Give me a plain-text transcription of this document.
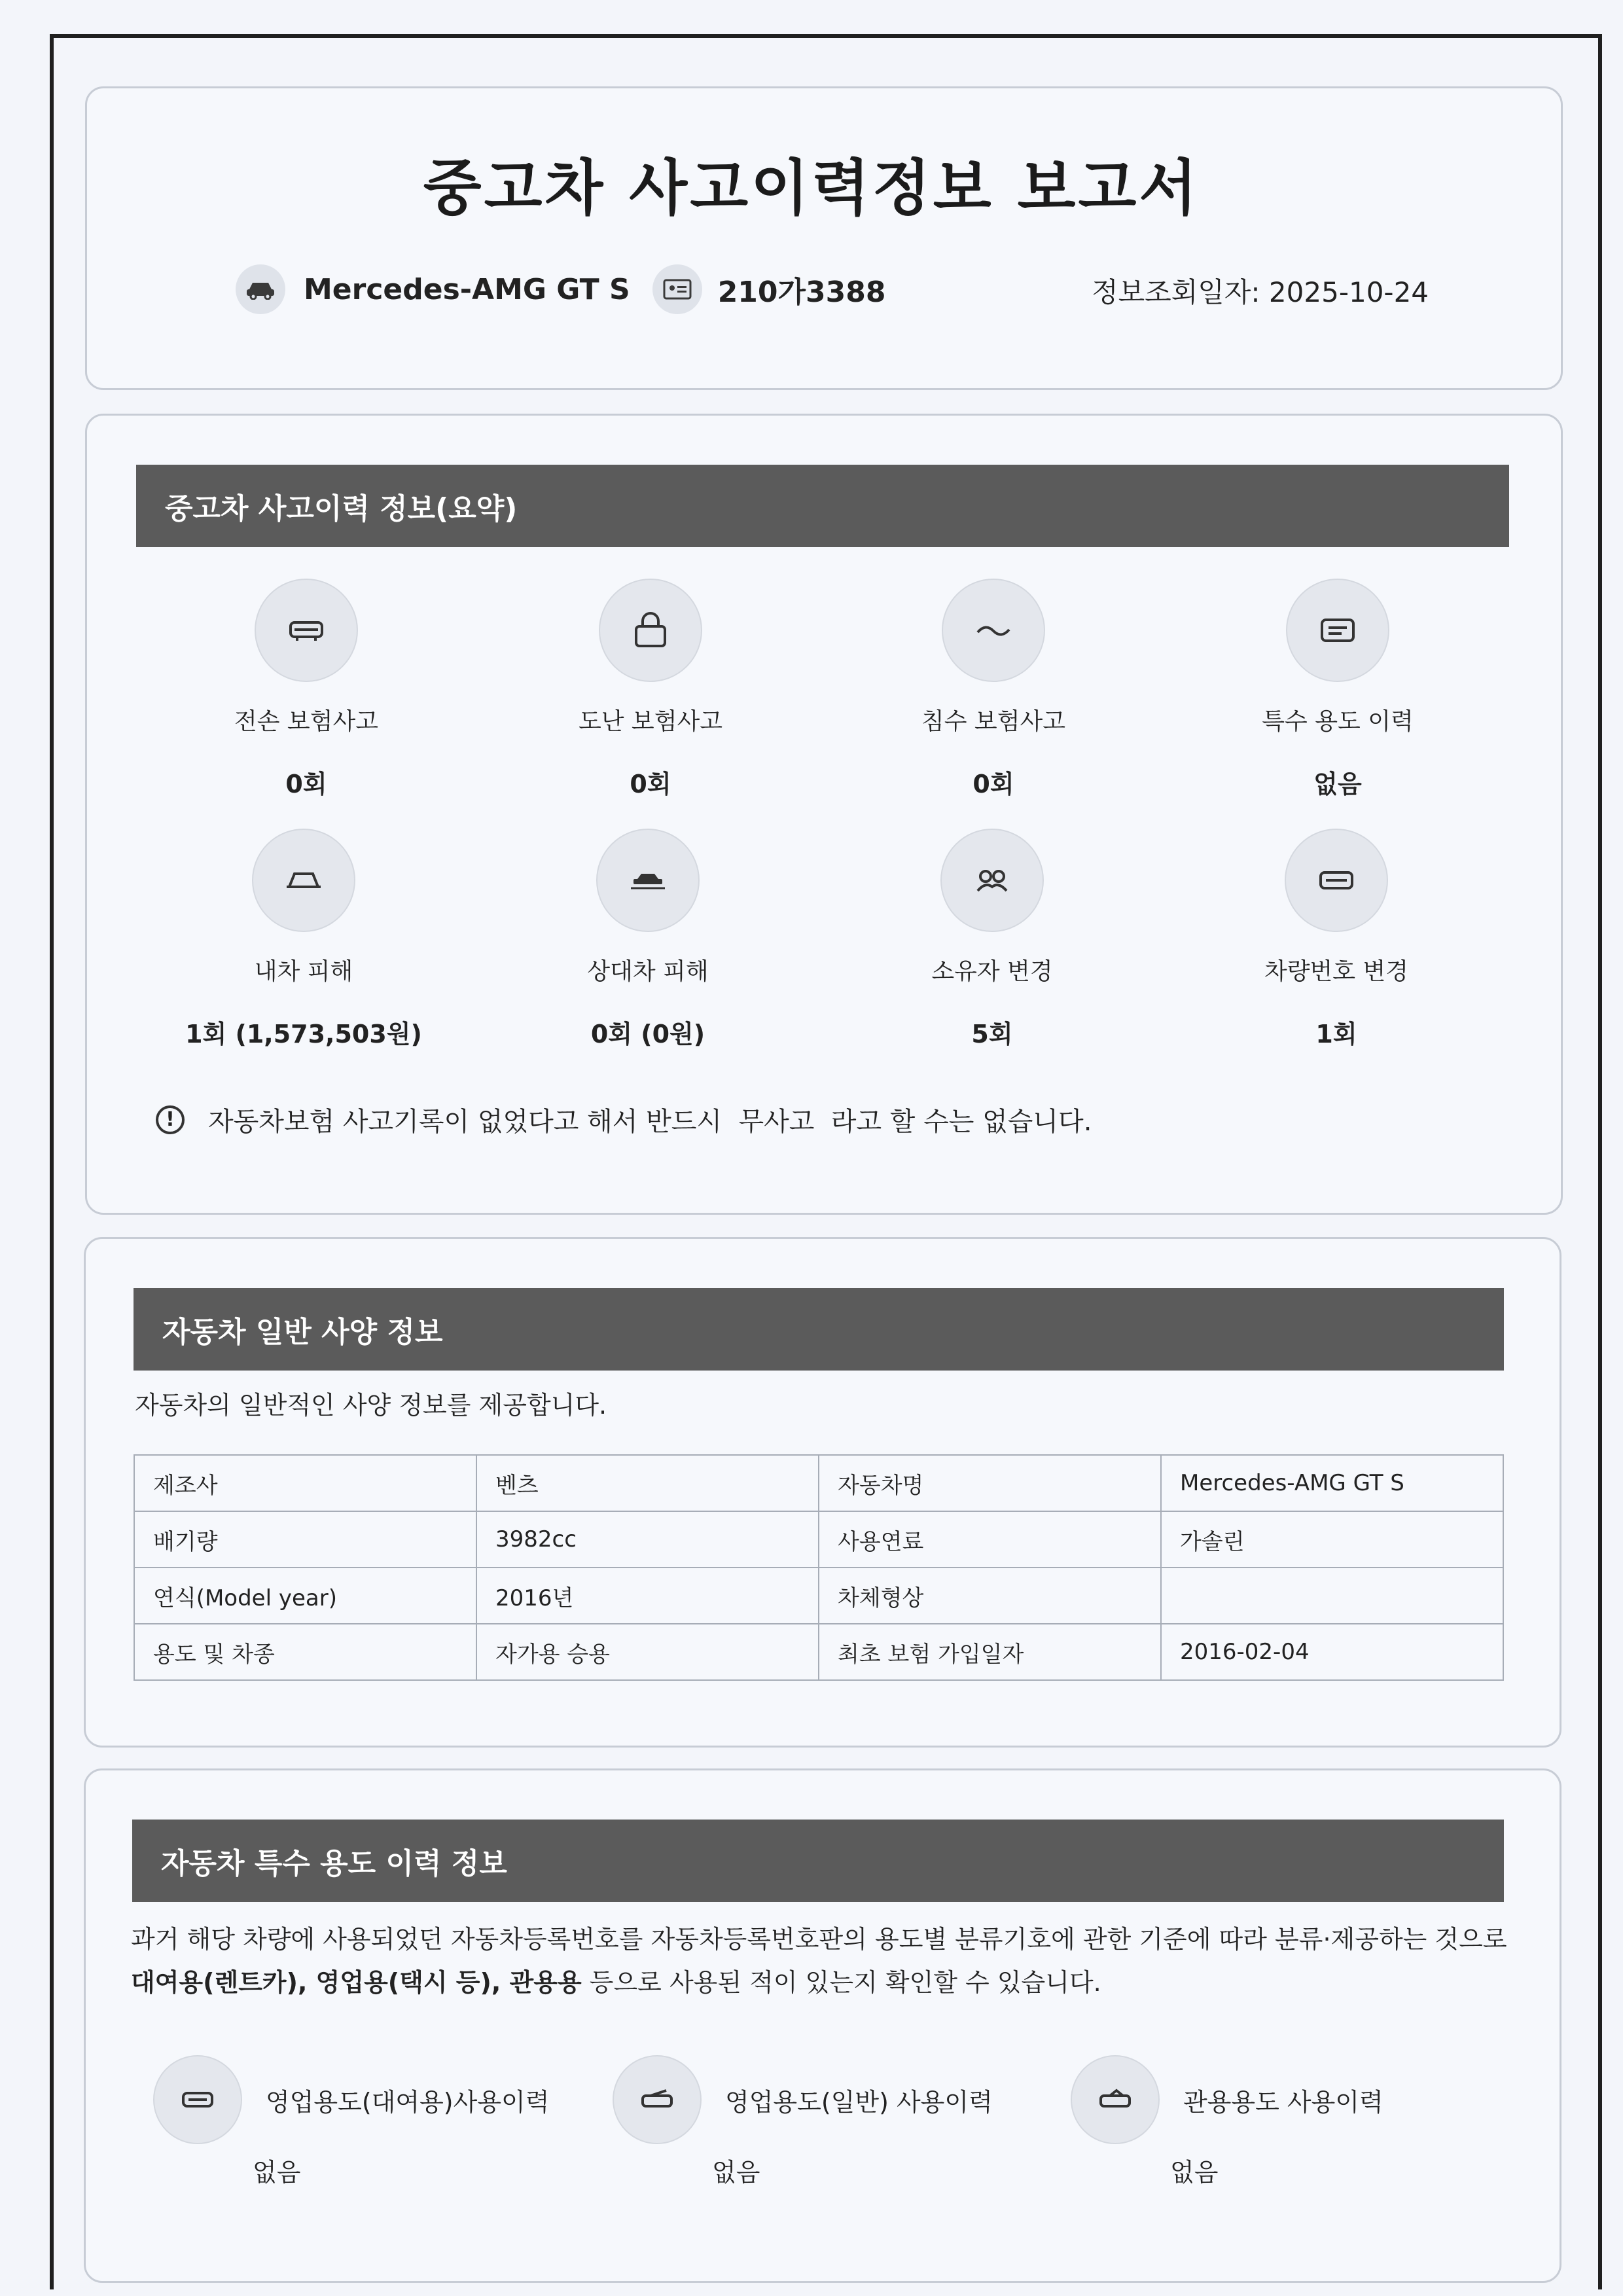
중고차 사고이력정보 보고서
Mercedes-AMG GT S	210가3388	정보조회일자: 2025-10-24
중고차 사고이력 정보(요약)
전손 보험사고
0회
도난 보험사고
0회
침수 보험사고
0회
특수 용도 이력
없음
내차 피해
1회 (1,573,503원)
상대차 피해
0회 (0원)
소유자 변경
5회
차량번호 변경
1회
!	자동차보험 사고기록이 없었다고 해서 반드시  무사고  라고 할 수는 없습니다.
자동차 일반 사양 정보
자동차의 일반적인 사양 정보를 제공합니다.
제조사	벤츠	자동차명	Mercedes-AMG GT S
배기량	3982cc	사용연료	가솔린
연식(Model year)	2016년	차체형상	
용도 및 차종	자가용 승용	최초 보험 가입일자	2016-02-04
자동차 특수 용도 이력 정보
과거 해당 차량에 사용되었던 자동차등록번호를 자동차등록번호판의 용도별 분류기호에 관한 기준에 따라 분류·제공하는 것으로
대여용(렌트카), 영업용(택시 등), 관용용 등으로 사용된 적이 있는지 확인할 수 있습니다.
영업용도(대여용)사용이력
없음
영업용도(일반) 사용이력
없음
관용용도 사용이력
없음
